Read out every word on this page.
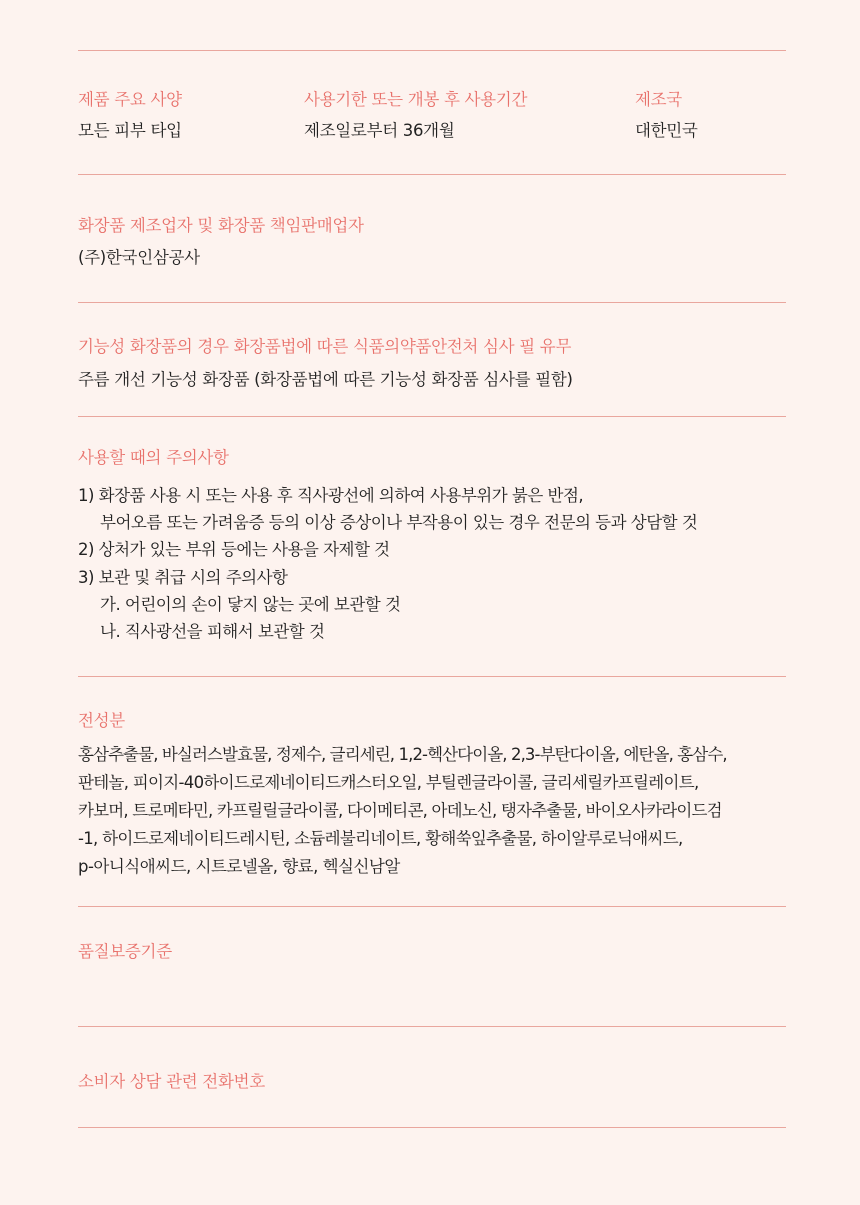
제품 주요 사양
모든 피부 타입
사용기한 또는 개봉 후 사용기간
제조일로부터 36개월
제조국
대한민국
화장품 제조업자 및 화장품 책임판매업자
(주)한국인삼공사
기능성 화장품의 경우 화장품법에 따른 식품의약품안전처 심사 필 유무
주름 개선 기능성 화장품 (화장품법에 따른 기능성 화장품 심사를 필함)
사용할 때의 주의사항
1) 화장품 사용 시 또는 사용 후 직사광선에 의하여 사용부위가 붉은 반점,
부어오름 또는 가려움증 등의 이상 증상이나 부작용이 있는 경우 전문의 등과 상담할 것
2) 상처가 있는 부위 등에는 사용을 자제할 것
3) 보관 및 취급 시의 주의사항
가. 어린이의 손이 닿지 않는 곳에 보관할 것
나. 직사광선을 피해서 보관할 것
전성분
홍삼추출물, 바실러스발효물, 정제수, 글리세린, 1,2-헥산다이올, 2,3-부탄다이올, 에탄올, 홍삼수,
판테놀, 피이지-40하이드로제네이티드캐스터오일, 부틸렌글라이콜, 글리세릴카프릴레이트,
카보머, 트로메타민, 카프릴릴글라이콜, 다이메티콘, 아데노신, 탱자추출물, 바이오사카라이드검
-1, 하이드로제네이티드레시틴, 소듐레불리네이트, 황해쑥잎추출물, 하이알루로닉애씨드,
p-아니식애씨드, 시트로넬올, 향료, 헥실신남알
품질보증기준
소비자 상담 관련 전화번호
